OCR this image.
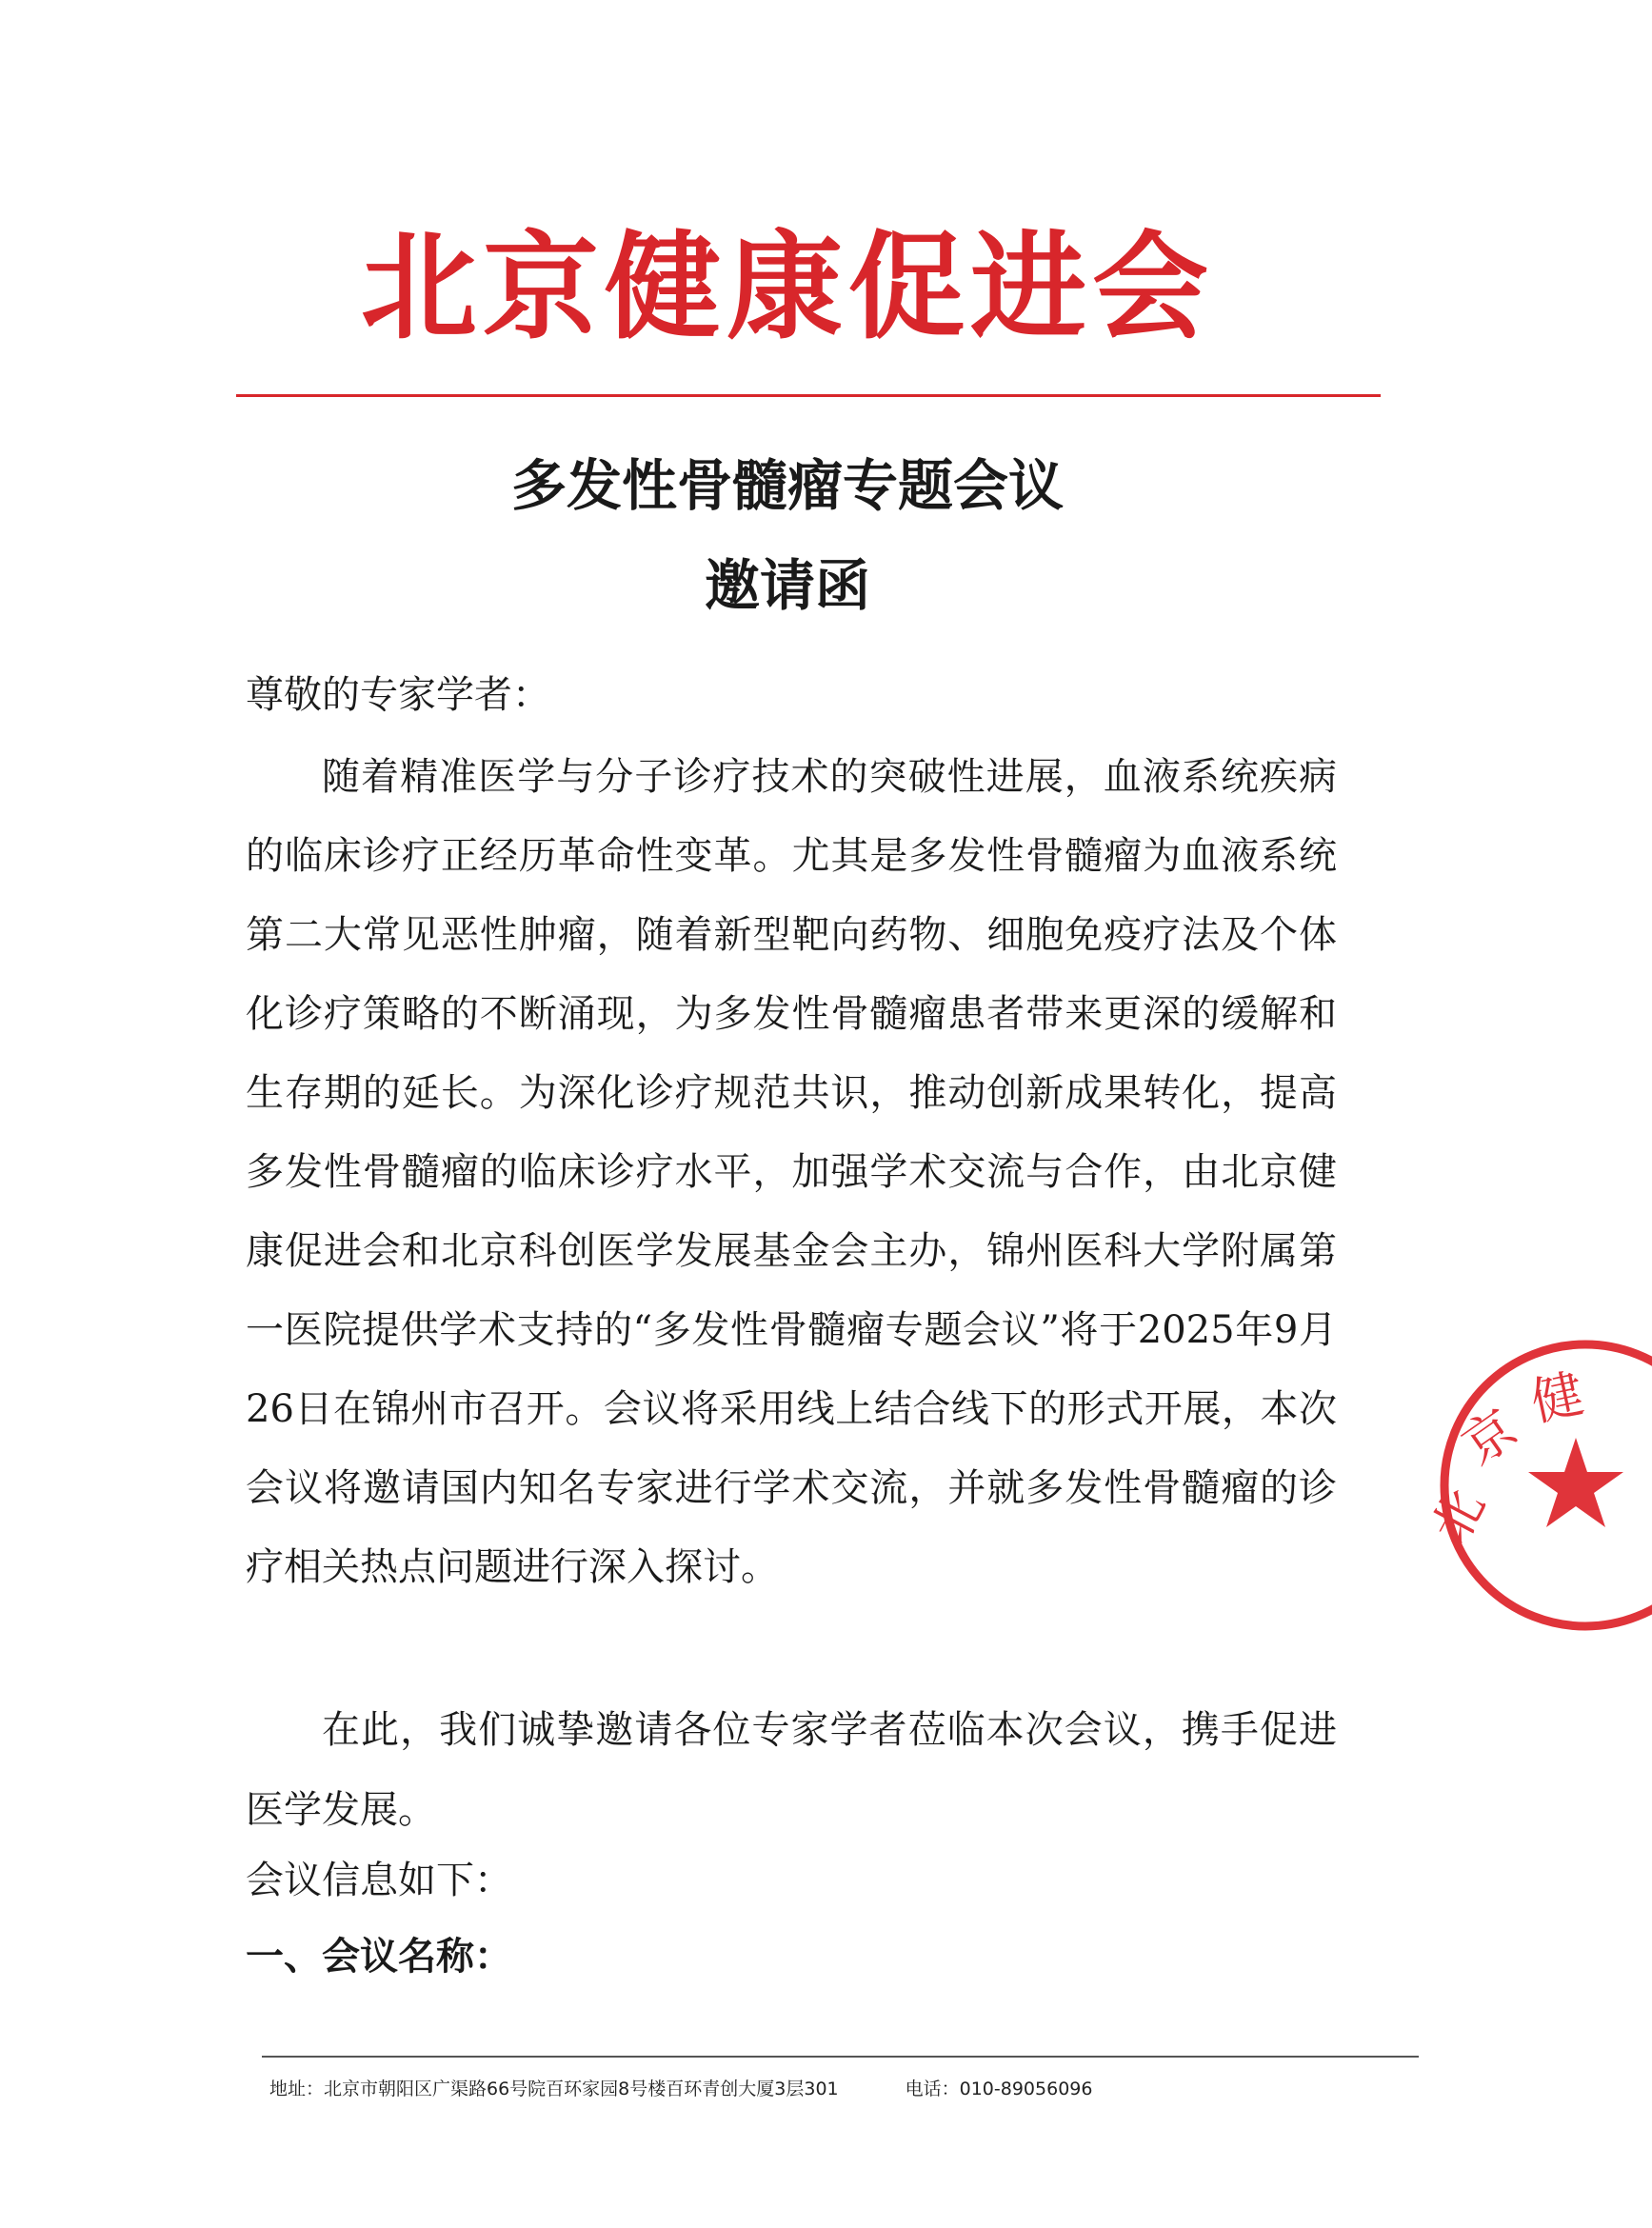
北京健康促进会
多发性骨髓瘤专题会议
邀请函
尊敬的专家学者：
随着精准医学与分子诊疗技术的突破性进展，血液系统疾病的临床诊疗正经历革命性变革。尤其是多发性骨髓瘤为血液系统第二大常见恶性肿瘤，随着新型靶向药物、细胞免疫疗法及个体化诊疗策略的不断涌现，为多发性骨髓瘤患者带来更深的缓解和生存期的延长。为深化诊疗规范共识，推动创新成果转化，提高多发性骨髓瘤的临床诊疗水平，加强学术交流与合作，由北京健康促进会和北京科创医学发展基金会主办，锦州医科大学附属第一医院提供学术支持的“多发性骨髓瘤专题会议”将于2025年9月26日在锦州市召开。会议将采用线上结合线下的形式开展，本次会议将邀请国内知名专家进行学术交流，并就多发性骨髓瘤的诊疗相关热点问题进行深入探讨。
在此，我们诚挚邀请各位专家学者莅临本次会议，携手促进医学发展。
会议信息如下：
一、会议名称：
北
京
健
地址：北京市朝阳区广渠路66号院百环家园8号楼百环青创大厦3层301	电话：010-89056096
